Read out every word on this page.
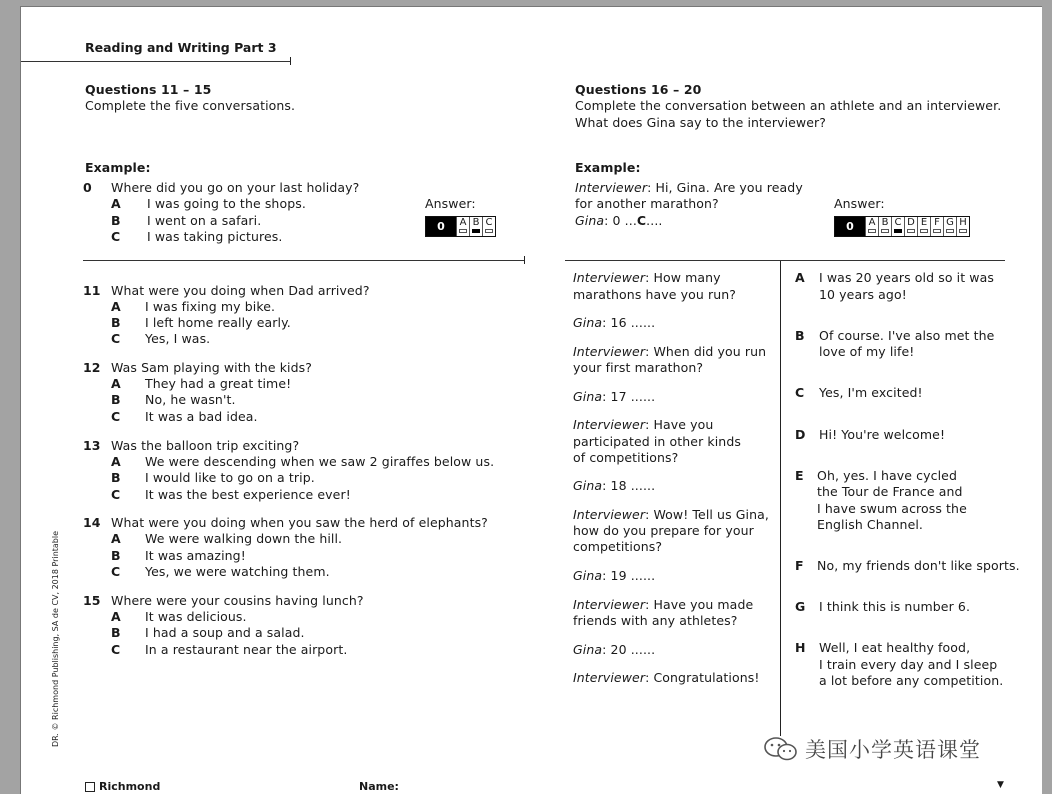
Reading and Writing Part 3
Questions 11 – 15
Complete the five conversations.
Example:
0 Where did you go on your last holiday?
A I was going to the shops.
B I went on a safari.
C I was taking pictures.
Answer:
0	A B C
11 What were you doing when Dad arrived?
A I was fixing my bike.
B I left home really early.
C Yes, I was.
12 Was Sam playing with the kids?
A They had a great time!
B No, he wasn't.
C It was a bad idea.
13 Was the balloon trip exciting?
A We were descending when we saw 2 giraffes below us.
B I would like to go on a trip.
C It was the best experience ever!
14 What were you doing when you saw the herd of elephants?
A We were walking down the hill.
B It was amazing!
C Yes, we were watching them.
15 Where were your cousins having lunch?
A It was delicious.
B I had a soup and a salad.
C In a restaurant near the airport.
Questions 16 – 20
Complete the conversation between an athlete and an interviewer.
What does Gina say to the interviewer?
Example:
Interviewer: Hi, Gina. Are you ready
for another marathon?
Gina: 0 ...C....
Answer:
0	A B C D E F G H
Interviewer: How many
marathons have you run?
Gina: 16 ......
Interviewer: When did you run
your first marathon?
Gina: 17 ......
Interviewer: Have you
participated in other kinds
of competitions?
Gina: 18 ......
Interviewer: Wow! Tell us Gina,
how do you prepare for your
competitions?
Gina: 19 ......
Interviewer: Have you made
friends with any athletes?
Gina: 20 ......
Interviewer: Congratulations!
A I was 20 years old so it was
10 years ago!
B Of course. I've also met the
love of my life!
C Yes, I'm excited!
D Hi! You're welcome!
E Oh, yes. I have cycled
the Tour de France and
I have swum across the
English Channel.
F No, my friends don't like sports.
G I think this is number 6.
H Well, I eat healthy food,
I train every day and I sleep
a lot before any competition.
DR. © Richmond Publishing, SA de CV, 2018 Printable
Richmond	Name:	▼
美国小学英语课堂
